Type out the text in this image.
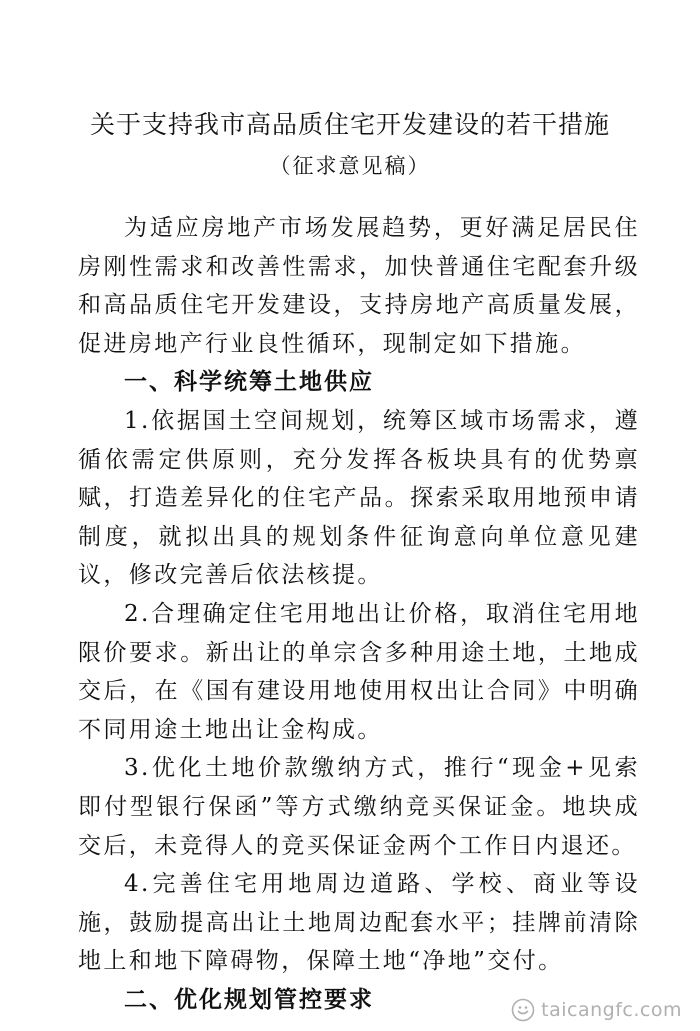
关于支持我市高品质住宅开发建设的若干措施
（征求意见稿）

为适应房地产市场发展趋势，更好满足居民住房刚性需求和改善性需求，加快普通住宅配套升级和高品质住宅开发建设，支持房地产高质量发展，促进房地产行业良性循环，现制定如下措施。

一、科学统筹土地供应

1.依据国土空间规划，统筹区域市场需求，遵循依需定供原则，充分发挥各板块具有的优势禀赋，打造差异化的住宅产品。探索采取用地预申请制度，就拟出具的规划条件征询意向单位意见建议，修改完善后依法核提。

2.合理确定住宅用地出让价格，取消住宅用地限价要求。新出让的单宗含多种用途土地，土地成交后，在《国有建设用地使用权出让合同》中明确不同用途土地出让金构成。

3.优化土地价款缴纳方式，推行“现金+见索即付型银行保函”等方式缴纳竞买保证金。地块成交后，未竞得人的竞买保证金两个工作日内退还。

4.完善住宅用地周边道路、学校、商业等设施，鼓励提高出让土地周边配套水平；挂牌前清除地上和地下障碍物，保障土地“净地”交付。

二、优化规划管控要求	taicangfc.com
